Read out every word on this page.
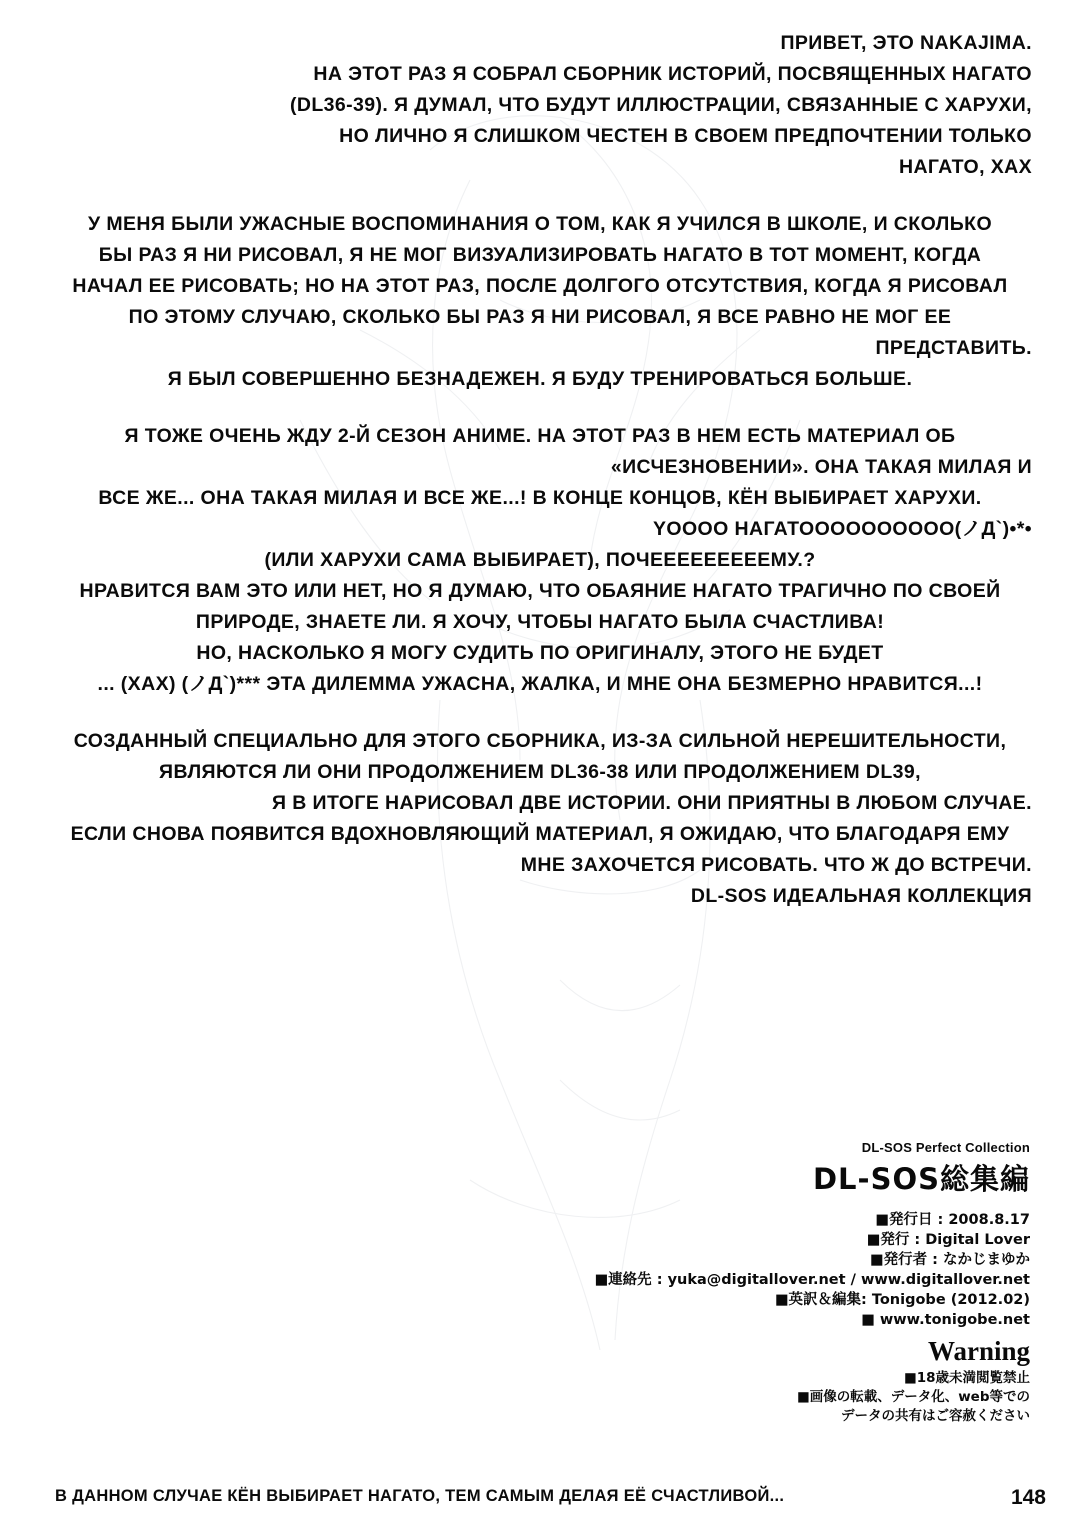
ПРИВЕТ, ЭТО NAKAJIMA.

НА ЭТОТ РАЗ Я СОБРАЛ СБОРНИК ИСТОРИЙ, ПОСВЯЩЕННЫХ НАГАТО

(DL36-39). Я ДУМАЛ, ЧТО БУДУТ ИЛЛЮСТРАЦИИ, СВЯЗАННЫЕ С ХАРУХИ,

НО ЛИЧНО Я СЛИШКОМ ЧЕСТЕН В СВОЕМ ПРЕДПОЧТЕНИИ ТОЛЬКО НАГАТО, ХАХ

У МЕНЯ БЫЛИ УЖАСНЫЕ ВОСПОМИНАНИЯ О ТОМ, КАК Я УЧИЛСЯ В ШКОЛЕ, И СКОЛЬКО

БЫ РАЗ Я НИ РИСОВАЛ, Я НЕ МОГ ВИЗУАЛИЗИРОВАТЬ НАГАТО В ТОТ МОМЕНТ, КОГДА

НАЧАЛ ЕЕ РИСОВАТЬ; НО НА ЭТОТ РАЗ, ПОСЛЕ ДОЛГОГО ОТСУТСТВИЯ, КОГДА Я РИСОВАЛ

ПО ЭТОМУ СЛУЧАЮ, СКОЛЬКО БЫ РАЗ Я НИ РИСОВАЛ, Я ВСЕ РАВНО НЕ МОГ ЕЕ

ПРЕДСТАВИТЬ.

Я БЫЛ СОВЕРШЕННО БЕЗНАДЕЖЕН. Я БУДУ ТРЕНИРОВАТЬСЯ БОЛЬШЕ.

Я ТОЖЕ ОЧЕНЬ ЖДУ 2-Й СЕЗОН АНИМЕ. НА ЭТОТ РАЗ В НЕМ ЕСТЬ МАТЕРИАЛ ОБ

«ИСЧЕЗНОВЕНИИ». ОНА ТАКАЯ МИЛАЯ И

ВСЕ ЖЕ... ОНА ТАКАЯ МИЛАЯ И ВСЕ ЖЕ...! В КОНЦЕ КОНЦОВ, КЁН ВЫБИРАЕТ ХАРУХИ.

YOOOO НАГАТОOOOOOOOOO(ノД`)•*•

(ИЛИ ХАРУХИ САМА ВЫБИРАЕТ), ПОЧЕЕЕЕЕЕЕЕЕМУ.?

НРАВИТСЯ ВАМ ЭТО ИЛИ НЕТ, НО Я ДУМАЮ, ЧТО ОБАЯНИЕ НАГАТО ТРАГИЧНО ПО СВОЕЙ

ПРИРОДЕ, ЗНАЕТЕ ЛИ. Я ХОЧУ, ЧТОБЫ НАГАТО БЫЛА СЧАСТЛИВА!

НО, НАСКОЛЬКО Я МОГУ СУДИТЬ ПО ОРИГИНАЛУ, ЭТОГО НЕ БУДЕТ

... (ХАХ) (ノД`)*** ЭТА ДИЛЕММА УЖАСНА, ЖАЛКА, И МНЕ ОНА БЕЗМЕРНО НРАВИТСЯ...!

СОЗДАННЫЙ СПЕЦИАЛЬНО ДЛЯ ЭТОГО СБОРНИКА, ИЗ-ЗА СИЛЬНОЙ НЕРЕШИТЕЛЬНОСТИ,

ЯВЛЯЮТСЯ ЛИ ОНИ ПРОДОЛЖЕНИЕМ DL36-38 ИЛИ ПРОДОЛЖЕНИЕМ DL39,

Я В ИТОГЕ НАРИСОВАЛ ДВЕ ИСТОРИИ. ОНИ ПРИЯТНЫ В ЛЮБОМ СЛУЧАЕ.

ЕСЛИ СНОВА ПОЯВИТСЯ ВДОХНОВЛЯЮЩИЙ МАТЕРИАЛ, Я ОЖИДАЮ, ЧТО БЛАГОДАРЯ ЕМУ

МНЕ ЗАХОЧЕТСЯ РИСОВАТЬ. ЧТО Ж ДО ВСТРЕЧИ.

DL-SOS ИДЕАЛЬНАЯ КОЛЛЕКЦИЯ

DL-SOS Perfect Collection
DL-SOS総集編
■発行日 : 2008.8.17
■発行 : Digital Lover
■発行者 : なかじまゆか
■連絡先 : yuka@digitallover.net / www.digitallover.net
■英訳＆編集: Tonigobe (2012.02)
■ www.tonigobe.net
Warning
■18歳未満閲覧禁止
■画像の転載、データ化、web等での
データの共有はご容赦ください
В ДАННОМ СЛУЧАЕ КЁН ВЫБИРАЕТ НАГАТО, ТЕМ САМЫМ ДЕЛАЯ ЕЁ СЧАСТЛИВОЙ...	148
